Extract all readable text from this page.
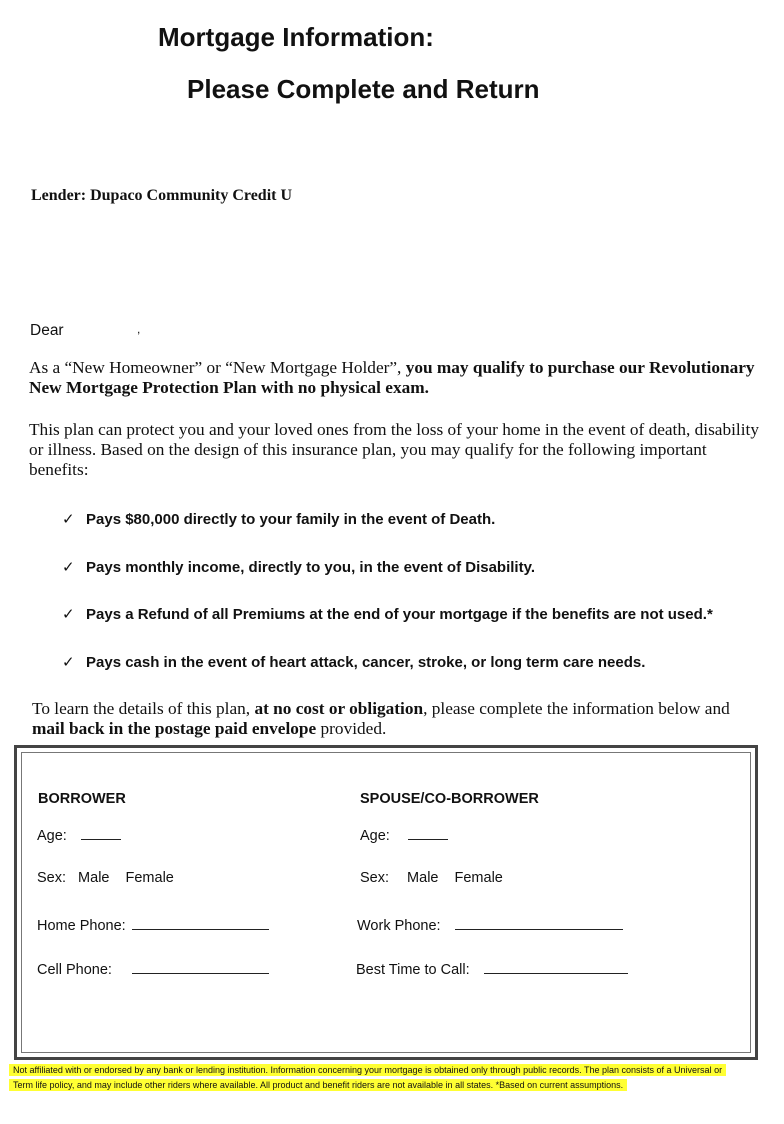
Mortgage Information:
Please Complete and Return
Lender: Dupaco Community Credit U
Dear	,
As a “New Homeowner” or “New Mortgage Holder”, you may qualify to purchase our Revolutionary New Mortgage Protection Plan with no physical exam.
This plan can protect you and your loved ones from the loss of your home in the event of death, disability or illness. Based on the design of this insurance plan, you may qualify for the following important benefits:
✓ Pays $80,000 directly to your family in the event of Death.
✓ Pays monthly income, directly to you, in the event of Disability.
✓ Pays a Refund of all Premiums at the end of your mortgage if the benefits are not used.*
✓ Pays cash in the event of heart attack, cancer, stroke, or long term care needs.
To learn the details of this plan, at no cost or obligation, please complete the information below and mail back in the postage paid envelope provided.
BORROWER
Age:
Sex: Male Female
Home Phone:
Cell Phone:
SPOUSE/CO-BORROWER
Age:
Sex: Male Female
Work Phone:
Best Time to Call:
Not affiliated with or endorsed by any bank or lending institution. Information concerning your mortgage is obtained only through public records. The plan consists of a Universal or Term life policy, and may include other riders where available. All product and benefit riders are not available in all states. *Based on current assumptions.
